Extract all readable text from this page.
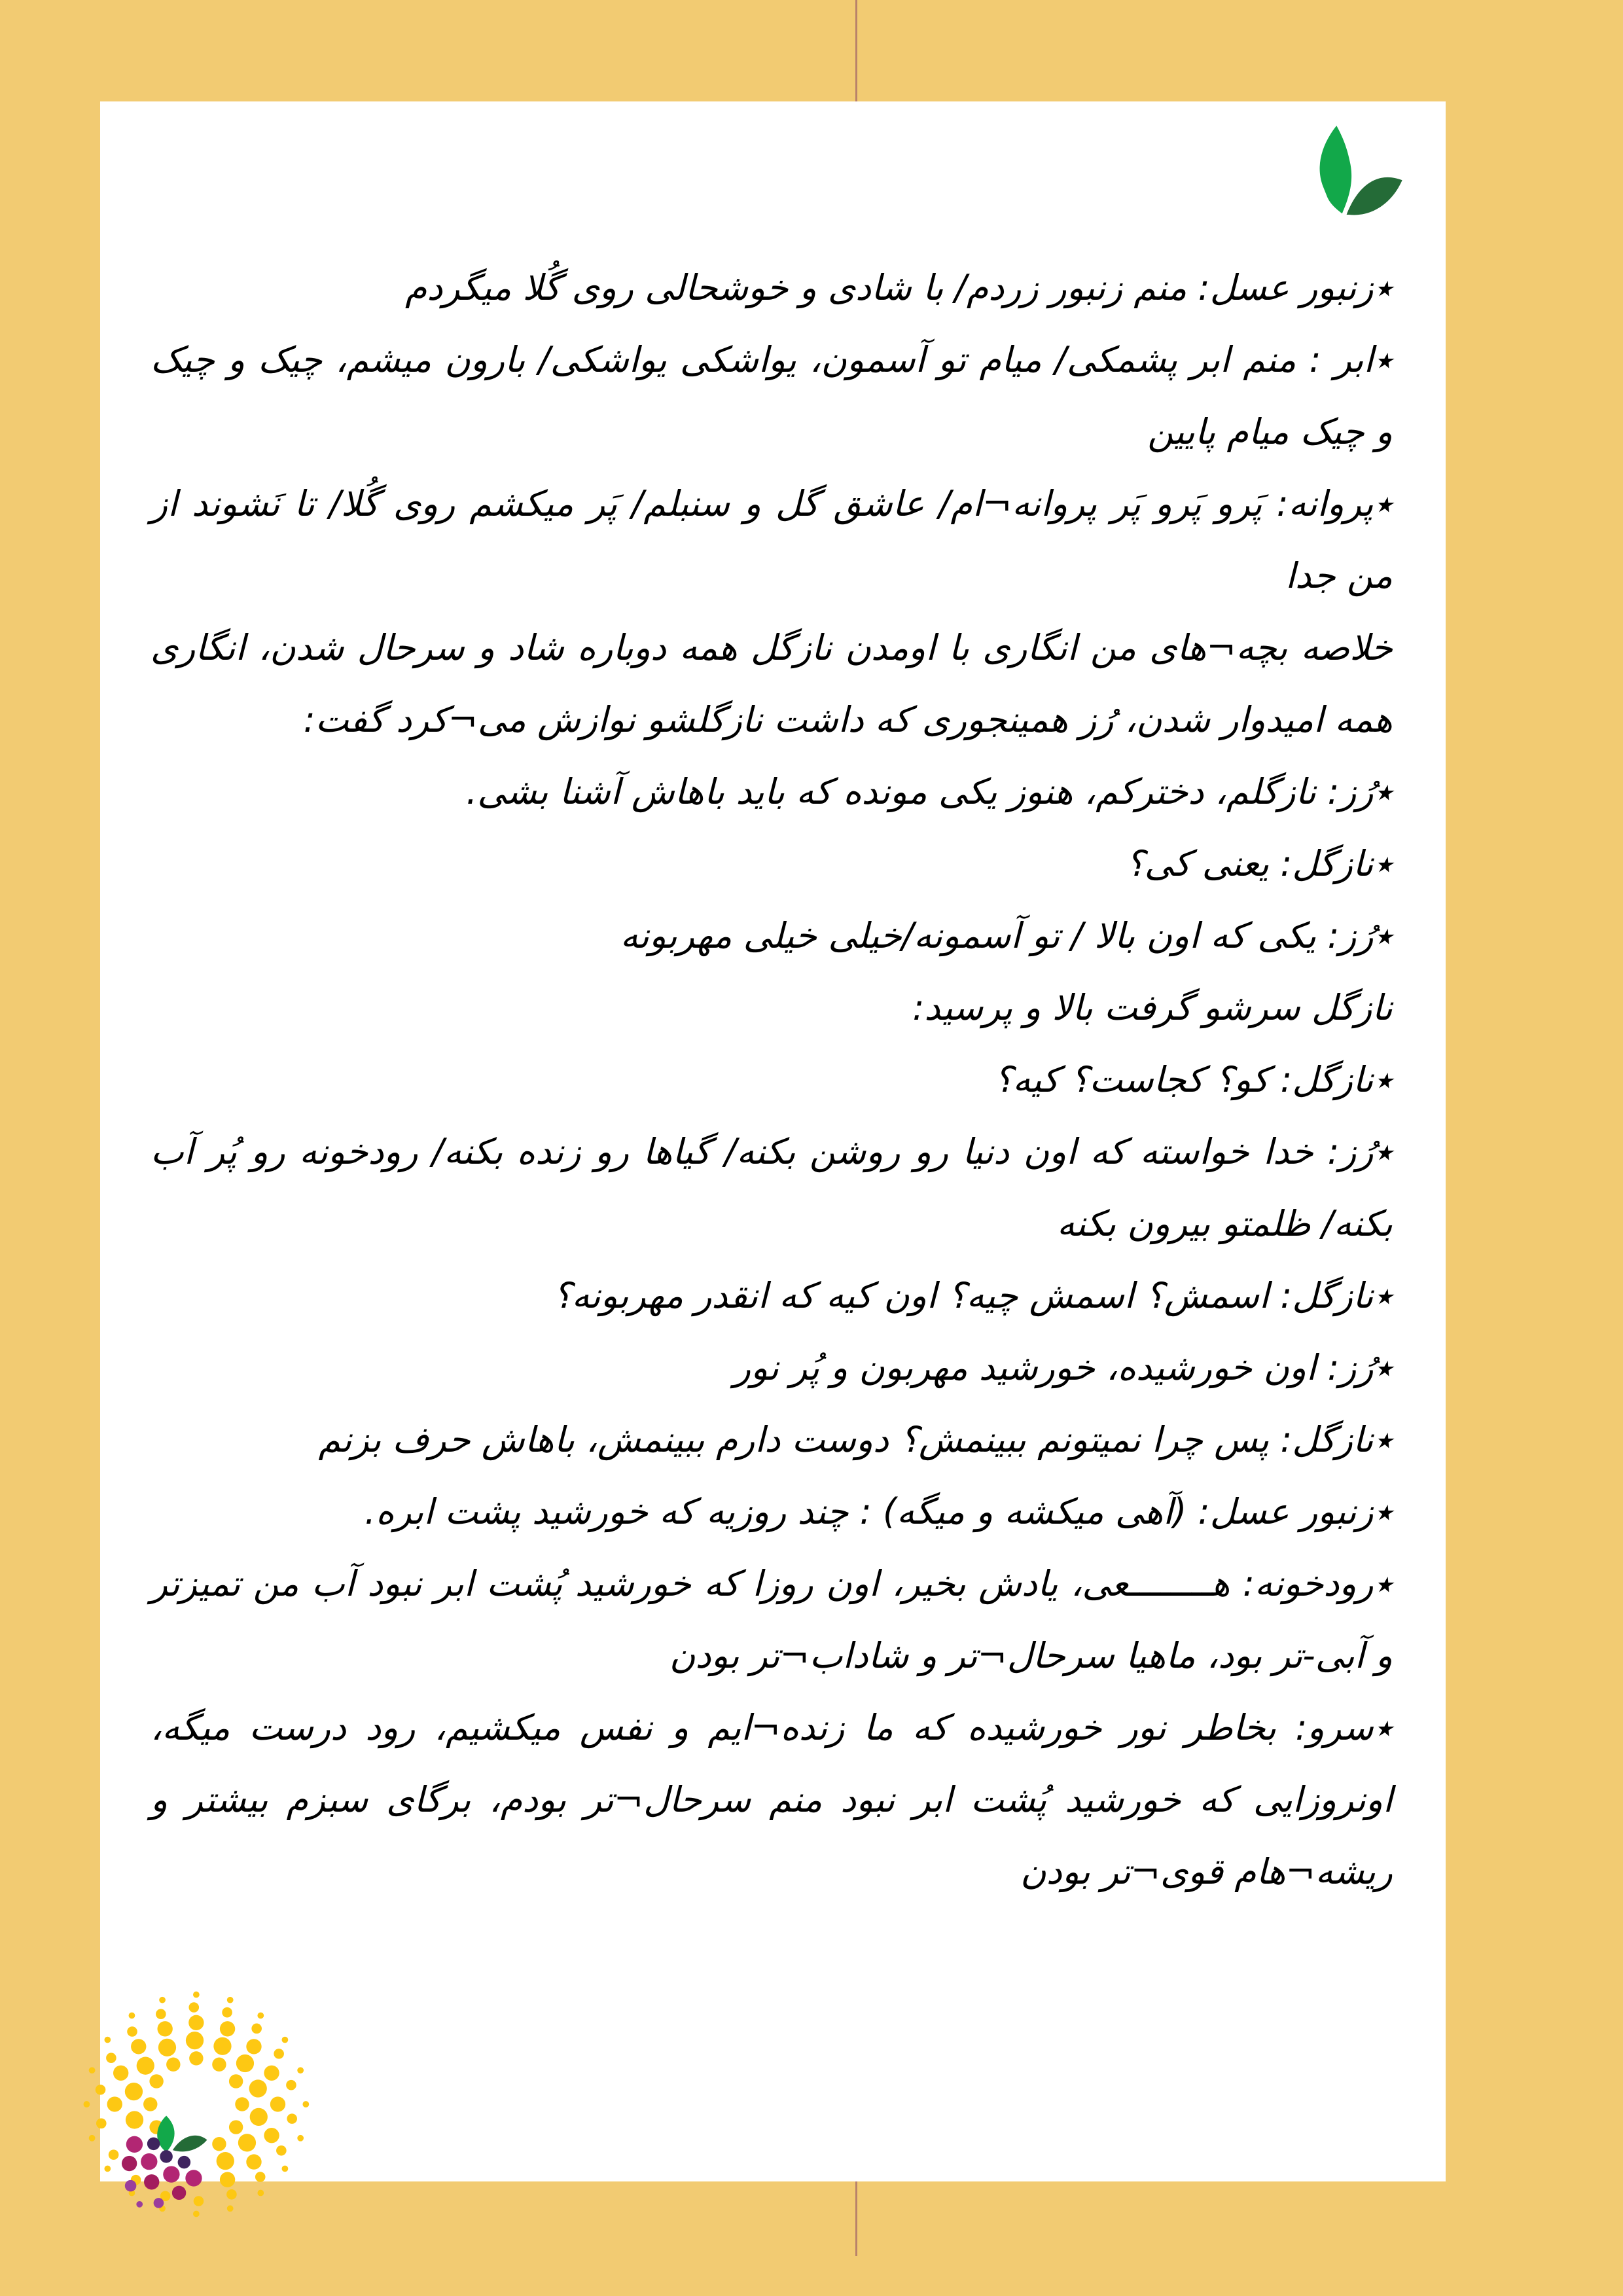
٭زنبور عسل: منم زنبور زردم/ با شادی و خوشحالی روی گُلا میگردم

٭ابر : منم ابر پشمکی/ میام تو آسمون، یواشکی یواشکی/ بارون میشم، چیک و چیک و چیک میام پایین

٭پروانه: پَرو پَرو پَر پروانه¬ام/ عاشق گل و سنبلم/ پَر میکشم روی گُلا/ تا نَشوند از من جدا

خلاصه بچه¬های من انگاری با اومدن نازگل همه دوباره شاد و سرحال شدن، انگاری همه امیدوار شدن، رُز همینجوری که داشت نازگلشو نوازش می¬کرد گفت:

٭رُز: نازگلم، دخترکم، هنوز یکی مونده که باید باهاش آشنا بشی.

٭نازگل: یعنی کی؟

٭رُز: یکی که اون بالا / تو آسمونه/خیلی خیلی مهربونه

نازگل سرشو گرفت بالا و پرسید:

٭نازگل: کو؟ کجاست؟ کیه؟

٭رُز: خدا خواسته که اون دنیا رو روشن بکنه/ گیاها رو زنده بکنه/ رودخونه رو پُر آب بکنه/ ظلمتو بیرون بکنه

٭نازگل: اسمش؟ اسمش چیه؟ اون کیه که انقدر مهربونه؟

٭رُز: اون خورشیده، خورشید مهربون و پُر نور

٭نازگل: پس چرا نمیتونم ببینمش؟ دوست دارم ببینمش، باهاش حرف بزنم

٭زنبور عسل: (آهی میکشه و میگه) : چند روزیه که خورشید پشت ابره.

٭رودخونه: هــــــــعی، یادش بخیر، اون روزا که خورشید پُشت ابر نبود آب من تمیزتر و آبی-تر بود، ماهیا سرحال¬تر و شاداب¬تر بودن

٭سرو: بخاطر نور خورشیده که ما زنده¬ایم و نفس میکشیم، رود درست میگه، اونروزایی که خورشید پُشت ابر نبود منم سرحال¬تر بودم، برگای سبزم بیشتر و ریشه¬هام قوی¬تر بودن
